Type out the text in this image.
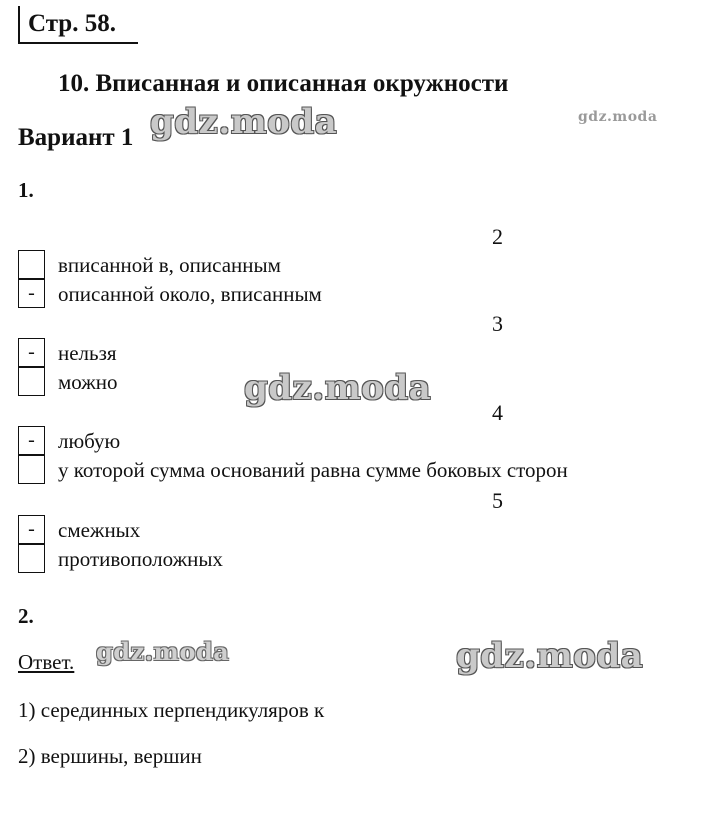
Стр. 58.
10. Вписанная и описанная окружности
Вариант 1
1.
2
вписанной в, описанным
-	описанной около, вписанным
3
-	нельзя
можно
4
-	любую
у которой сумма оснований равна сумме боковых сторон
5
-	смежных
противоположных
2.
Ответ.
1) серединных перпендикуляров к
2) вершины, вершин
gdz.moda	gdz.moda
gdz.moda
gdz.moda	gdz.moda
